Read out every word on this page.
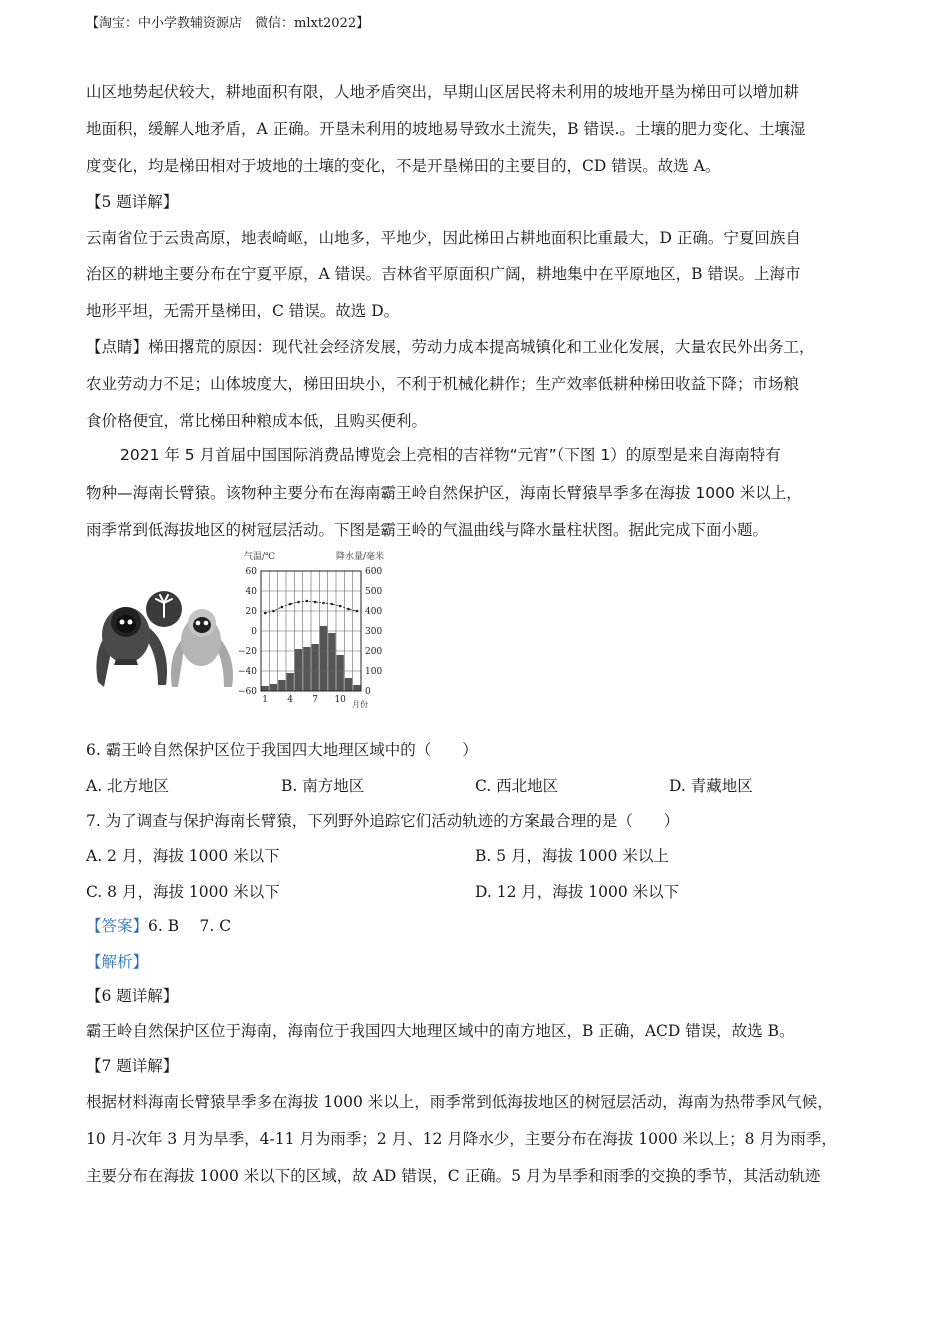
【淘宝：中小学教辅资源店　微信：mlxt2022】
山区地势起伏较大，耕地面积有限，人地矛盾突出，早期山区居民将未利用的坡地开垦为梯田可以增加耕
地面积，缓解人地矛盾，A 正确。开垦未利用的坡地易导致水土流失，B 错误.。土壤的肥力变化、土壤湿
度变化，均是梯田相对于坡地的土壤的变化，不是开垦梯田的主要目的，CD 错误。故选 A。
【5 题详解】
云南省位于云贵高原，地表崎岖，山地多，平地少，因此梯田占耕地面积比重最大，D 正确。宁夏回族自
治区的耕地主要分布在宁夏平原，A 错误。吉林省平原面积广阔，耕地集中在平原地区，B 错误。上海市
地形平坦，无需开垦梯田，C 错误。故选 D。
【点睛】梯田撂荒的原因：现代社会经济发展，劳动力成本提高城镇化和工业化发展，大量农民外出务工，
农业劳动力不足；山体坡度大，梯田田块小，不利于机械化耕作；生产效率低耕种梯田收益下降；市场粮
食价格便宜，常比梯田种粮成本低，且购买便利。
2021 年 5 月首届中国国际消费品博览会上亮相的吉祥物“元宵”（下图 1）的原型是来自海南特有
物种—海南长臂猿。该物种主要分布在海南霸王岭自然保护区，海南长臂猿旱季多在海拔 1000 米以上，
雨季常到低海拔地区的树冠层活动。下图是霸王岭的气温曲线与降水量柱状图。据此完成下面小题。
气温/℃	降水量/毫米
月份
60
40
20
0
−20
−40
−60
600
500
400
300
200
100
0
1 4 7 10
6. 霸王岭自然保护区位于我国四大地理区域中的（　　）
A. 北方地区	B. 南方地区	C. 西北地区	D. 青藏地区
7. 为了调查与保护海南长臂猿，下列野外追踪它们活动轨迹的方案最合理的是（　　）
A. 2 月，海拔 1000 米以下	B. 5 月，海拔 1000 米以上
C. 8 月，海拔 1000 米以下	D. 12 月，海拔 1000 米以下
【答案】6. B　 7. C
【解析】
【6 题详解】
霸王岭自然保护区位于海南，海南位于我国四大地理区域中的南方地区，B 正确，ACD 错误，故选 B。
【7 题详解】
根据材料海南长臂猿旱季多在海拔 1000 米以上，雨季常到低海拔地区的树冠层活动，海南为热带季风气候，
10 月-次年 3 月为旱季，4-11 月为雨季；2 月、12 月降水少，主要分布在海拔 1000 米以上；8 月为雨季，
主要分布在海拔 1000 米以下的区域，故 AD 错误，C 正确。5 月为旱季和雨季的交换的季节，其活动轨迹
